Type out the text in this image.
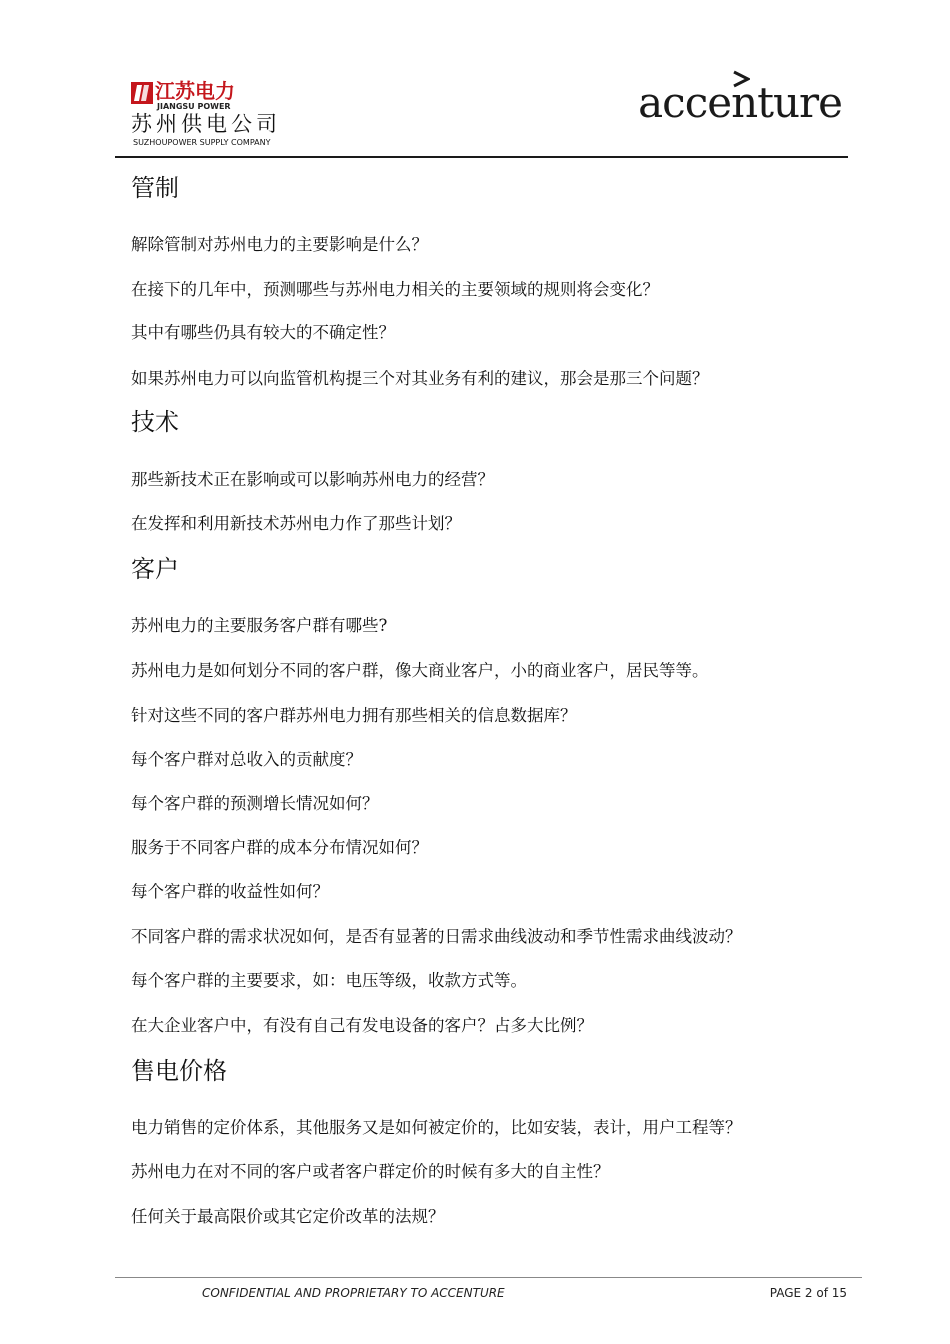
江苏电力
JIANGSU POWER
苏州供电公司
SUZHOUPOWER SUPPLY COMPANY
accenture
管制

解除管制对苏州电力的主要影响是什么？

在接下的几年中，预测哪些与苏州电力相关的主要领域的规则将会变化？

其中有哪些仍具有较大的不确定性？

如果苏州电力可以向监管机构提三个对其业务有利的建议，那会是那三个问题？

技术

那些新技术正在影响或可以影响苏州电力的经营？

在发挥和利用新技术苏州电力作了那些计划？

客户

苏州电力的主要服务客户群有哪些?

苏州电力是如何划分不同的客户群，像大商业客户，小的商业客户，居民等等。

针对这些不同的客户群苏州电力拥有那些相关的信息数据库？

每个客户群对总收入的贡献度？

每个客户群的预测增长情况如何？

服务于不同客户群的成本分布情况如何？

每个客户群的收益性如何？

不同客户群的需求状况如何，是否有显著的日需求曲线波动和季节性需求曲线波动？

每个客户群的主要要求，如：电压等级，收款方式等。

在大企业客户中，有没有自己有发电设备的客户？占多大比例？

售电价格

电力销售的定价体系，其他服务又是如何被定价的，比如安装，表计，用户工程等？

苏州电力在对不同的客户或者客户群定价的时候有多大的自主性？

任何关于最高限价或其它定价改革的法规？

CONFIDENTIAL AND PROPRIETARY TO ACCENTURE	PAGE 2 of 15
